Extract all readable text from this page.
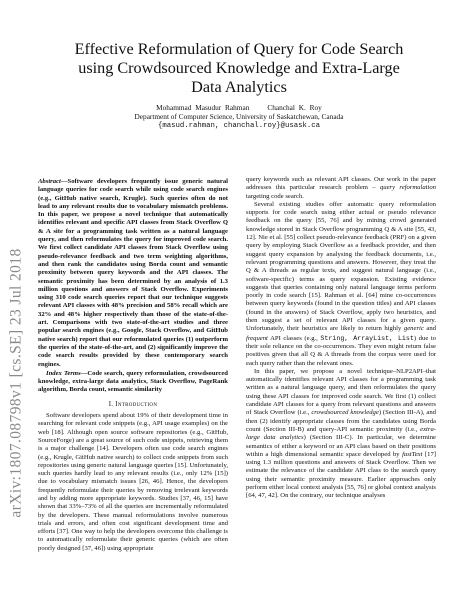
arXiv:1807.08798v1 [cs.SE] 23 Jul 2018
Effective Reformulation of Query for Code Search
using Crowdsourced Knowledge and Extra-Large
Data Analytics
Mohammad Masudur Rahman Chanchal K. Roy
Department of Computer Science, University of Saskatchewan, Canada
{masud.rahman, chanchal.roy}@usask.ca

Abstract—Software developers frequently issue generic natural language queries for code search while using code search engines (e.g., GitHub native search, Krugle). Such queries often do not lead to any relevant results due to vocabulary mismatch problems. In this paper, we propose a novel technique that automatically identifies relevant and specific API classes from Stack Overflow Q & A site for a programming task written as a natural language query, and then reformulates the query for improved code search. We first collect candidate API classes from Stack Overflow using pseudo-relevance feedback and two term weighting algorithms, and then rank the candidates using Borda count and semantic proximity between query keywords and the API classes. The semantic proximity has been determined by an analysis of 1.3 million questions and answers of Stack Overflow. Experiments using 310 code search queries report that our technique suggests relevant API classes with 48% precision and 58% recall which are 32% and 48% higher respectively than those of the state-of-the-art. Comparisons with two state-of-the-art studies and three popular search engines (e.g., Google, Stack Overflow, and GitHub native search) report that our reformulated queries (1) outperform the queries of the state-of-the-art, and (2) significantly improve the code search results provided by these contemporary search engines.

Index Terms—Code search, query reformulation, crowdsourced knowledge, extra-large data analytics, Stack Overflow, PageRank algorithm, Borda count, semantic similarity

I. Introduction

Software developers spend about 19% of their development time in searching for relevant code snippets (e.g., API usage examples) on the web [18]. Although open source software repositories (e.g., GitHub, SourceForge) are a great source of such code snippets, retrieving them is a major challenge [14]. Developers often use code search engines (e.g., Krugle, GitHub native search) to collect code snippets from such repositories using generic natural language queries [15]. Unfortunately, such queries hardly lead to any relevant results (i.e., only 12% [15]) due to vocabulary mismatch issues [26, 46]. Hence, the developers frequently reformulate their queries by removing irrelevant keywords and by adding more appropriate keywords. Studies [37, 46, 15] have shown that 33%–73% of all the queries are incrementally reformulated by the developers. These manual reformulations involve numerous trials and errors, and often cost significant development time and efforts [37]. One way to help the developers overcome this challenge is to automatically reformulate their generic queries (which are often poorly designed [37, 46]) using appropriate

query keywords such as relevant API classes. Our work in the paper addresses this particular research problem – query reformulation targeting code search.

Several existing studies offer automatic query reformulation supports for code search using either actual or pseudo relevance feedback on the query [55, 76] and by mining crowd generated knowledge stored in Stack Overflow programming Q & A site [55, 43, 12]. Nie et al. [55] collect pseudo-relevance feedback (PRF) on a given query by employing Stack Overflow as a feedback provider, and then suggest query expansion by analysing the feedback documents, i.e., relevant programming questions and answers. However, they treat the Q & A threads as regular texts, and suggest natural language (i.e., software-specific) terms as query expansion. Existing evidence suggests that queries containing only natural language terms perform poorly in code search [15]. Rahman et al. [64] mine co-occurrences between query keywords (found in the question titles) and API classes (found in the answers) of Stack Overflow, apply two heuristics, and then suggest a set of relevant API classes for a given query. Unfortunately, their heuristics are likely to return highly generic and frequent API classes (e.g., String, ArrayList, List) due to their sole reliance on the co-occurrences. They even might return false positives given that all Q & A threads from the corpus were used for each query rather than the relevant ones.

In this paper, we propose a novel technique–NLP2API–that automatically identifies relevant API classes for a programming task written as a natural language query, and then reformulates the query using these API classes for improved code search. We first (1) collect candidate API classes for a query from relevant questions and answers of Stack Overflow (i.e., crowdsourced knowledge) (Section III-A), and then (2) identify appropriate classes from the candidates using Borda count (Section III-B) and query-API semantic proximity (i.e., extra-large data analytics) (Section III-C). In particular, we determine semantics of either a keyword or an API class based on their positions within a high dimensional semantic space developed by fastText [17] using 1.3 million questions and answers of Stack Overflow. Then we estimate the relevance of the candidate API class to the search query using their semantic proximity measure. Earlier approaches only perform either local context analysis [55, 76] or global context analysis [64, 47, 42]. On the contrary, our technique analyses
